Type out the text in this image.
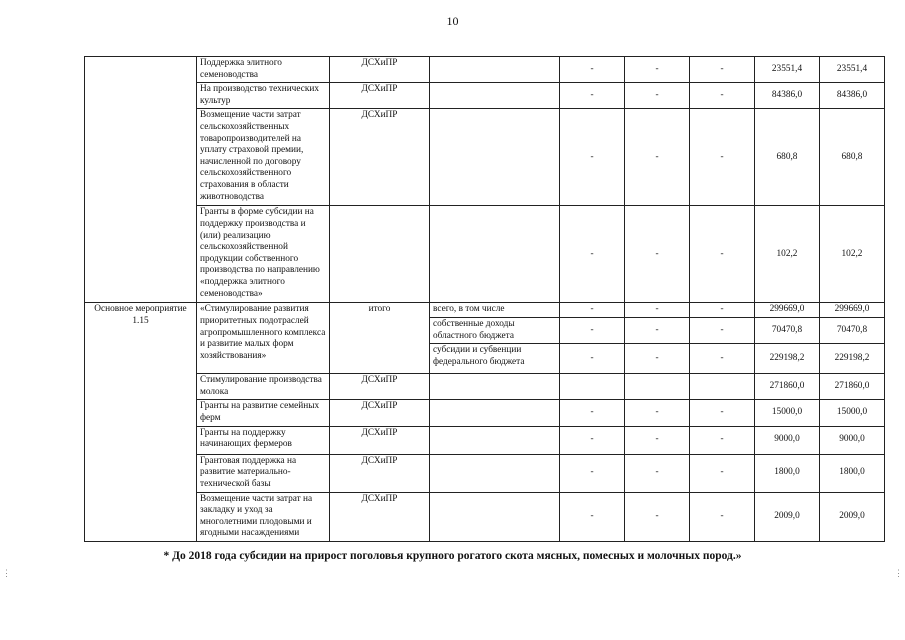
10
	Поддержка элитного семеноводства	ДСХиПР		-	-	-	23551,4	23551,4
	На производство технических культур	ДСХиПР		-	-	-	84386,0	84386,0
	Возмещение части затрат сельскохозяйственных товаропроизводителей на уплату страховой премии, начисленной по договору сельскохозяйственного страхования в области животноводства	ДСХиПР		-	-	-	680,8	680,8
	Гранты в форме субсидии на поддержку производства и (или) реализацию сельскохозяйственной продукции собственного производства по направлению «поддержка элитного семеноводства»			-	-	-	102,2	102,2
Основное мероприятие 1.15	«Стимулирование развития приоритетных подотраслей агропромышленного комплекса и развитие малых форм хозяйствования»	итого	всего, в том числе	-	-	-	299669,0	299669,0
			собственные доходы областного бюджета	-	-	-	70470,8	70470,8
			субсидии и субвенции федерального бюджета	-	-	-	229198,2	229198,2
	Стимулирование производства молока	ДСХиПР					271860,0	271860,0
	Гранты на развитие семейных ферм	ДСХиПР		-	-	-	15000,0	15000,0
	Гранты на поддержку начинающих фермеров	ДСХиПР		-	-	-	9000,0	9000,0
	Грантовая поддержка на развитие материально-технической базы	ДСХиПР		-	-	-	1800,0	1800,0
	Возмещение части затрат на закладку и уход за многолетними плодовыми и ягодными насаждениями	ДСХиПР		-	-	-	2009,0	2009,0
* До 2018 года субсидии на прирост поголовья крупного рогатого скота мясных, помесных и молочных пород.»
⋮	⋮
